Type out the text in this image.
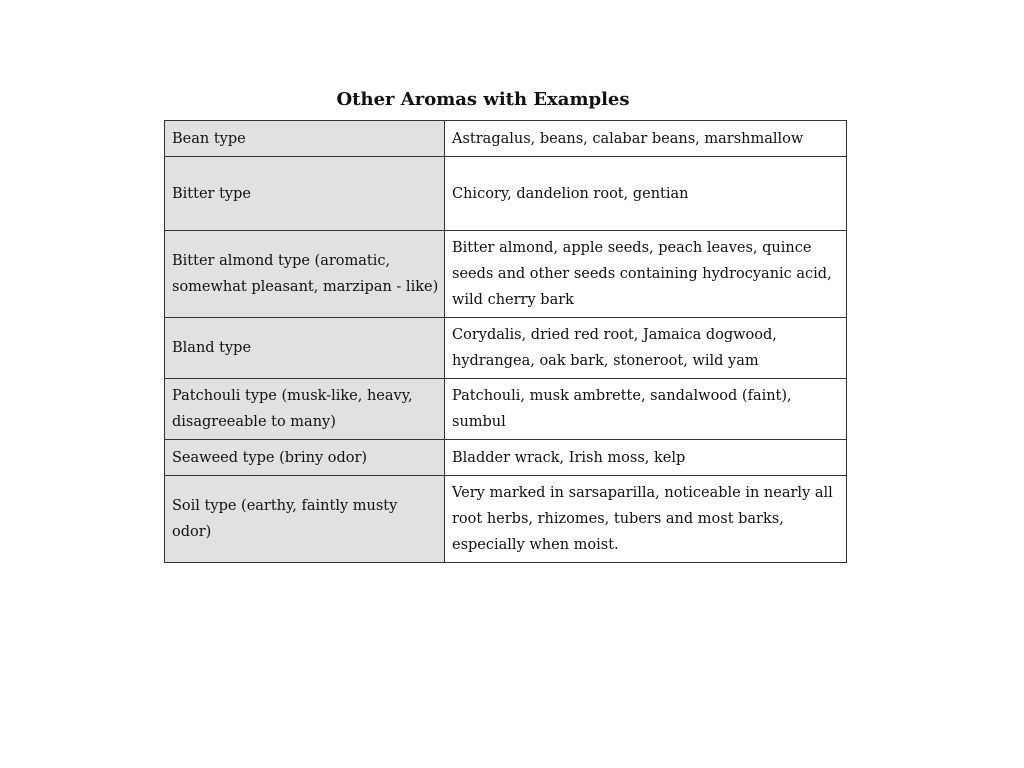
Other Aromas with Examples
Bean type	Astragalus, beans, calabar beans, marshmallow
Bitter type	Chicory, dandelion root, gentian
Bitter almond type (aromatic, somewhat pleasant, marzipan - like)	Bitter almond, apple seeds, peach leaves, quince seeds and other seeds containing hydrocyanic acid, wild cherry bark
Bland type	Corydalis, dried red root, Jamaica dogwood, hydrangea, oak bark, stoneroot, wild yam
Patchouli type (musk-like, heavy, disagreeable to many)	Patchouli, musk ambrette, sandalwood (faint), sumbul
Seaweed type (briny odor)	Bladder wrack, Irish moss, kelp
Soil type (earthy, faintly musty odor)	Very marked in sarsaparilla, noticeable in nearly all root herbs, rhizomes, tubers and most barks, especially when moist.
